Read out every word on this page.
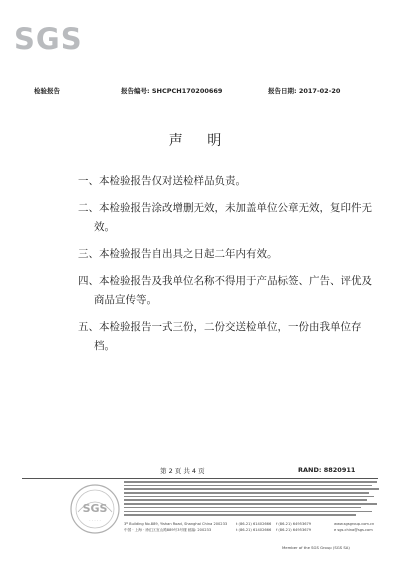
SGS
检验报告	报告编号: SHCPCH170200669	报告日期: 2017-02-20
声 明

一、本检验报告仅对送检样品负责。

二、本检验报告涂改增删无效，未加盖单位公章无效，复印件无效。

三、本检验报告自出具之日起二年内有效。

四、本检验报告及我单位名称不得用于产品标签、广告、评优及商品宣传等。

五、本检验报告一式三份，二份交送检单位，一份由我单位存档。

第 2 页 共 4 页	RAND: 8820911
SGS
· · · · ·
3º Building No.889, Yishan Road, Shanghai China 200233 t (86-21) 61402666 f (86-21) 64953679	www.sgsgroup.com.cn
中国 · 上海 · 徐汇区宜山路889号3号楼 邮编: 200233	t (86-21) 61402666 f (86-21) 64953679	e sgs.china@sgs.com
Member of the SGS Group (SGS SA)
